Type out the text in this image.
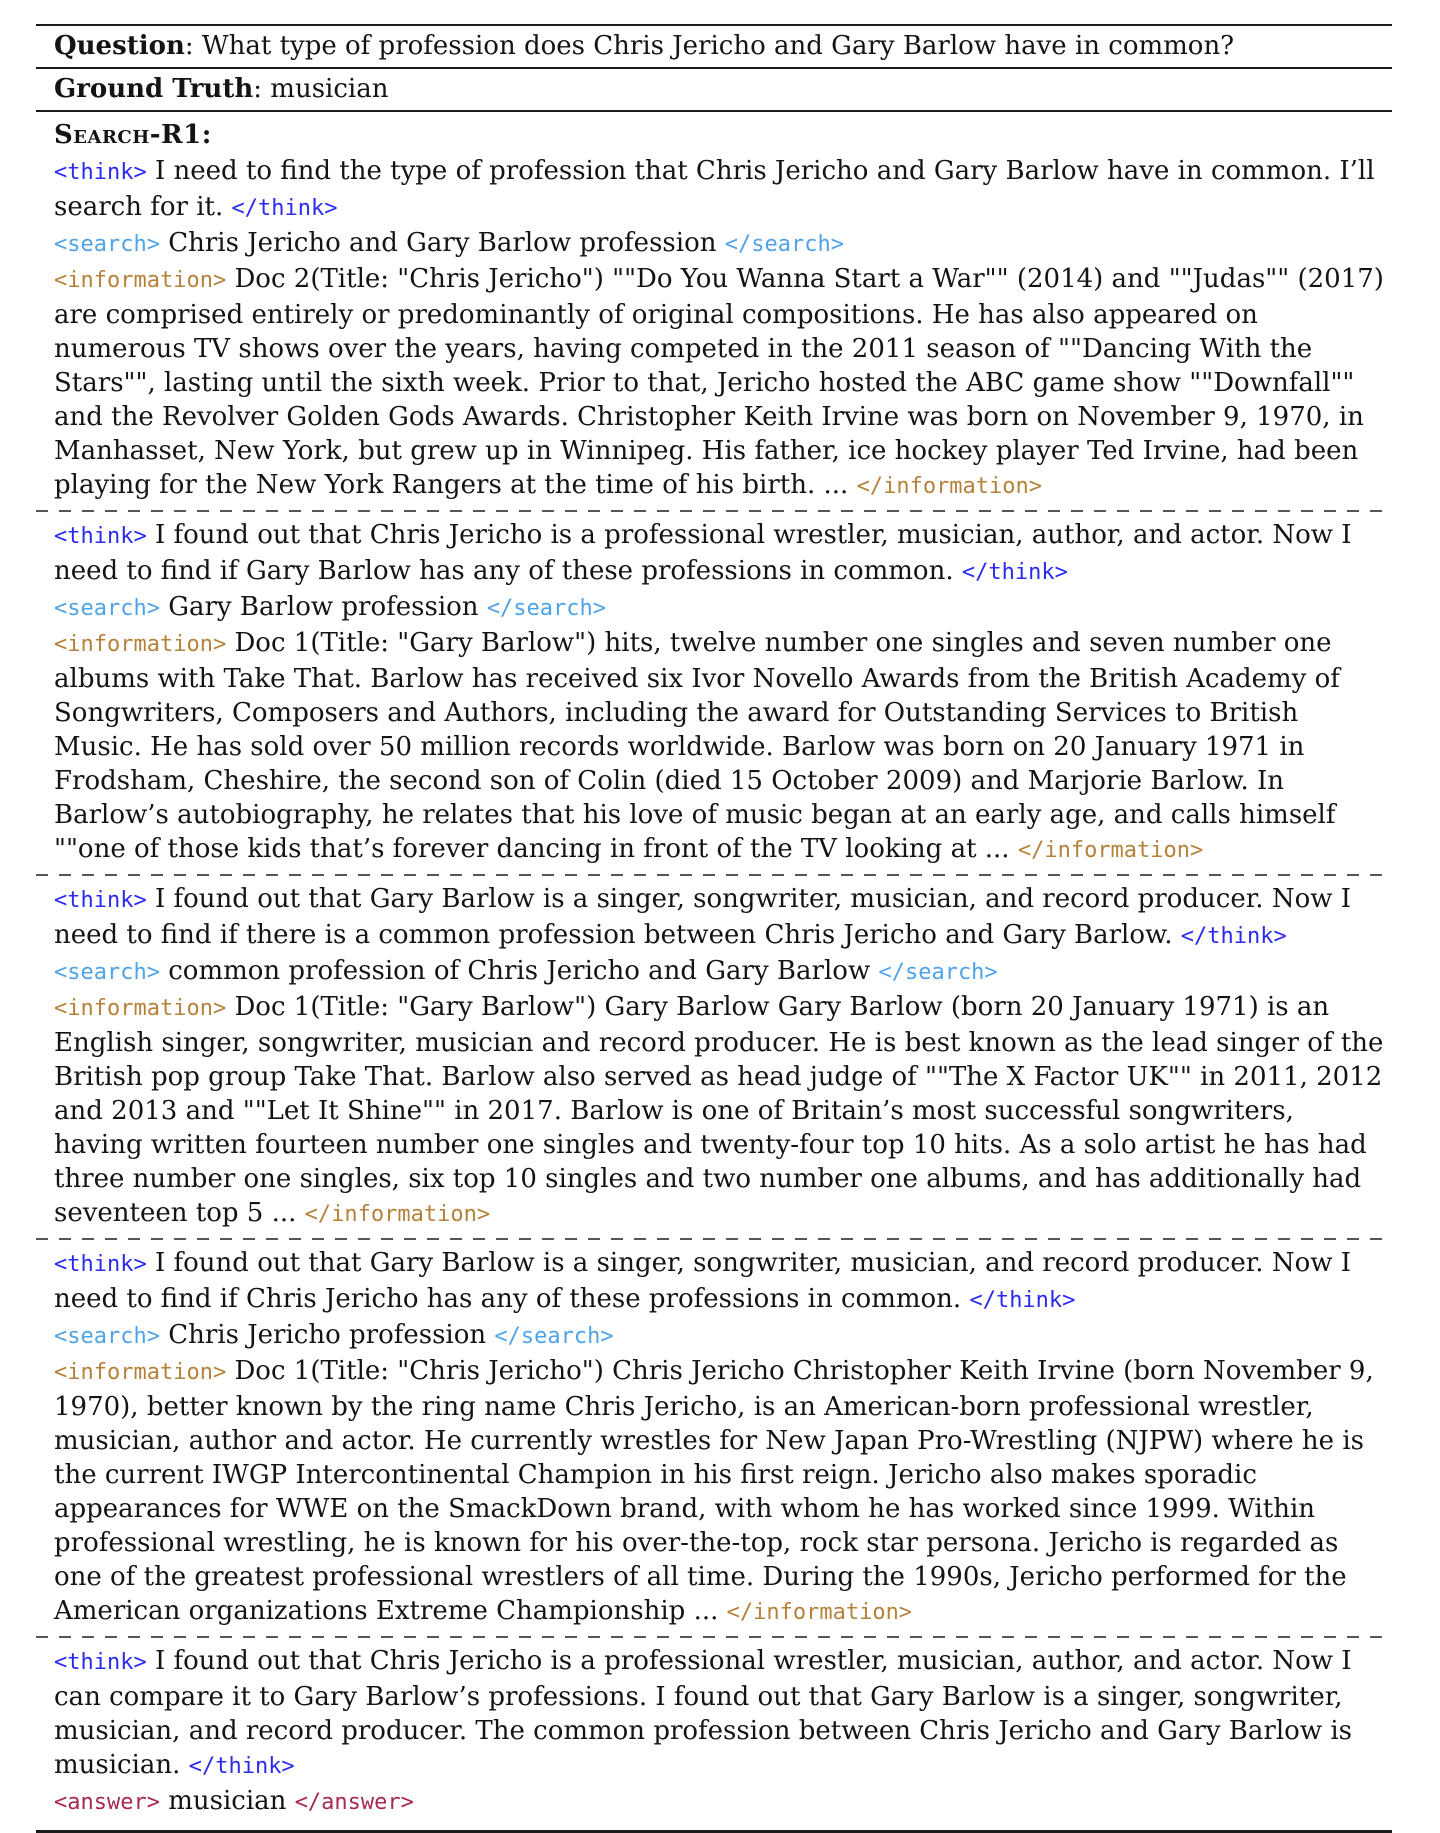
Question: What type of profession does Chris Jericho and Gary Barlow have in common?
Ground Truth: musician
Search-R1:

<think> I need to find the type of profession that Chris Jericho and Gary Barlow have in common. I’ll search for it. </think>

<search> Chris Jericho and Gary Barlow profession </search>

<information> Doc 2(Title: "Chris Jericho") ""Do You Wanna Start a War"" (2014) and ""Judas"" (2017) are comprised entirely or predominantly of original compositions. He has also appeared on numerous TV shows over the years, having competed in the 2011 season of ""Dancing With the Stars"", lasting until the sixth week. Prior to that, Jericho hosted the ABC game show ""Downfall"" and the Revolver Golden Gods Awards. Christopher Keith Irvine was born on November 9, 1970, in Manhasset, New York, but grew up in Winnipeg. His father, ice hockey player Ted Irvine, had been playing for the New York Rangers at the time of his birth. ... </information>

<think> I found out that Chris Jericho is a professional wrestler, musician, author, and actor. Now I need to find if Gary Barlow has any of these professions in common. </think>

<search> Gary Barlow profession </search>

<information> Doc 1(Title: "Gary Barlow") hits, twelve number one singles and seven number one albums with Take That. Barlow has received six Ivor Novello Awards from the British Academy of Songwriters, Composers and Authors, including the award for Outstanding Services to British Music. He has sold over 50 million records worldwide. Barlow was born on 20 January 1971 in Frodsham, Cheshire, the second son of Colin (died 15 October 2009) and Marjorie Barlow. In Barlow’s autobiography, he relates that his love of music began at an early age, and calls himself ""one of those kids that’s forever dancing in front of the TV looking at ... </information>

<think> I found out that Gary Barlow is a singer, songwriter, musician, and record producer. Now I need to find if there is a common profession between Chris Jericho and Gary Barlow. </think>

<search> common profession of Chris Jericho and Gary Barlow </search>

<information> Doc 1(Title: "Gary Barlow") Gary Barlow Gary Barlow (born 20 January 1971) is an English singer, songwriter, musician and record producer. He is best known as the lead singer of the British pop group Take That. Barlow also served as head judge of ""The X Factor UK"" in 2011, 2012 and 2013 and ""Let It Shine"" in 2017. Barlow is one of Britain’s most successful songwriters, having written fourteen number one singles and twenty-four top 10 hits. As a solo artist he has had three number one singles, six top 10 singles and two number one albums, and has additionally had seventeen top 5 ... </information>

<think> I found out that Gary Barlow is a singer, songwriter, musician, and record producer. Now I need to find if Chris Jericho has any of these professions in common. </think>

<search> Chris Jericho profession </search>

<information> Doc 1(Title: "Chris Jericho") Chris Jericho Christopher Keith Irvine (born November 9, 1970), better known by the ring name Chris Jericho, is an American-born professional wrestler, musician, author and actor. He currently wrestles for New Japan Pro-Wrestling (NJPW) where he is the current IWGP Intercontinental Champion in his first reign. Jericho also makes sporadic appearances for WWE on the SmackDown brand, with whom he has worked since 1999. Within professional wrestling, he is known for his over-the-top, rock star persona. Jericho is regarded as one of the greatest professional wrestlers of all time. During the 1990s, Jericho performed for the American organizations Extreme Championship ... </information>

<think> I found out that Chris Jericho is a professional wrestler, musician, author, and actor. Now I can compare it to Gary Barlow’s professions. I found out that Gary Barlow is a singer, songwriter, musician, and record producer. The common profession between Chris Jericho and Gary Barlow is musician. </think>

<answer> musician </answer>
